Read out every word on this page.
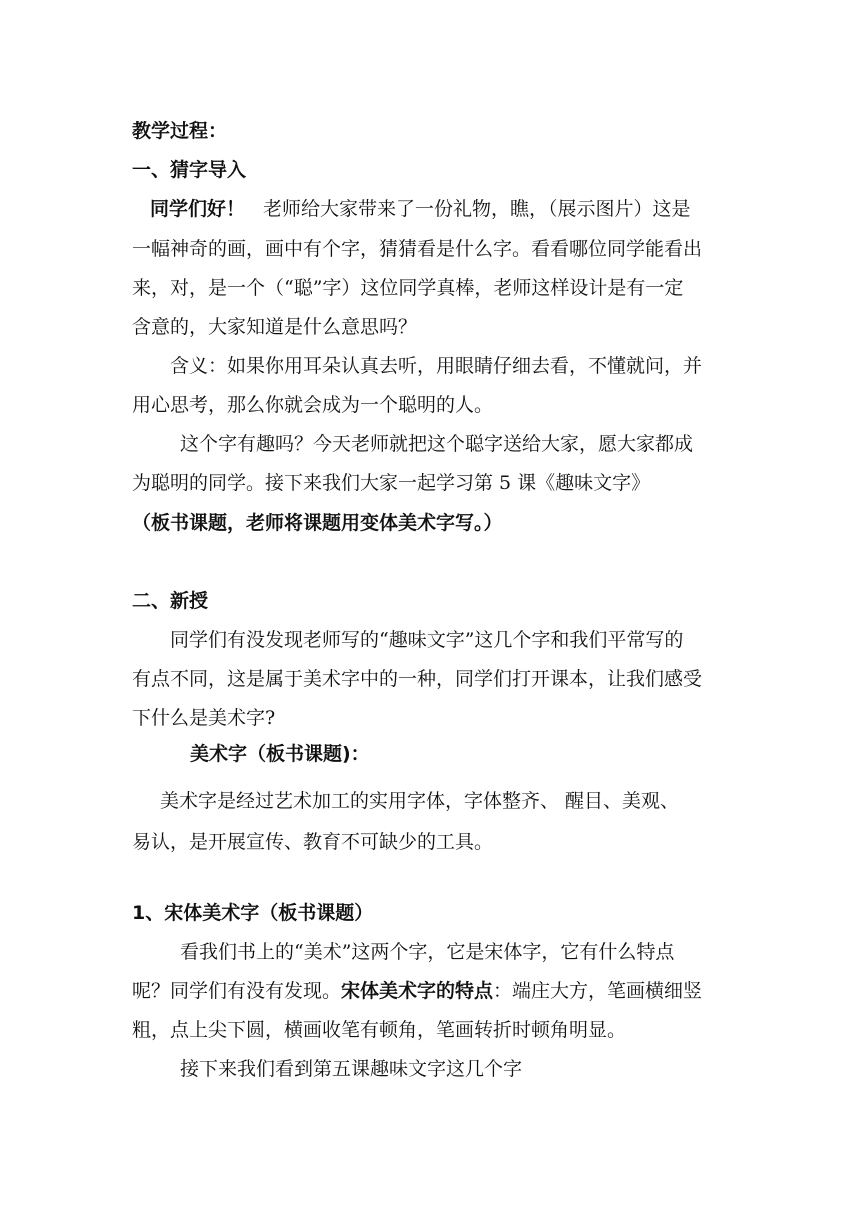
教学过程：
一、猜字导入
同学们好！ 老师给大家带来了一份礼物，瞧，（展示图片）这是
一幅神奇的画，画中有个字，猜猜看是什么字。看看哪位同学能看出
来，对，是一个（“聪”字）这位同学真棒，老师这样设计是有一定
含意的，大家知道是什么意思吗？
含义：如果你用耳朵认真去听，用眼睛仔细去看，不懂就问，并
用心思考，那么你就会成为一个聪明的人。
这个字有趣吗？今天老师就把这个聪字送给大家，愿大家都成
为聪明的同学。接下来我们大家一起学习第 5 课《趣味文字》
（板书课题，老师将课题用变体美术字写。）
二、新授
同学们有没发现老师写的“趣味文字”这几个字和我们平常写的
有点不同，这是属于美术字中的一种，同学们打开课本，让我们感受
下什么是美术字?
美术字（板书课题)：
美术字是经过艺术加工的实用字体，字体整齐、 醒目、美观、
易认，是开展宣传、教育不可缺少的工具。
1、宋体美术字（板书课题）
看我们书上的“美术”这两个字，它是宋体字，它有什么特点
呢？同学们有没有发现。宋体美术字的特点：端庄大方，笔画横细竖
粗，点上尖下圆，横画收笔有顿角，笔画转折时顿角明显。
接下来我们看到第五课趣味文字这几个字
